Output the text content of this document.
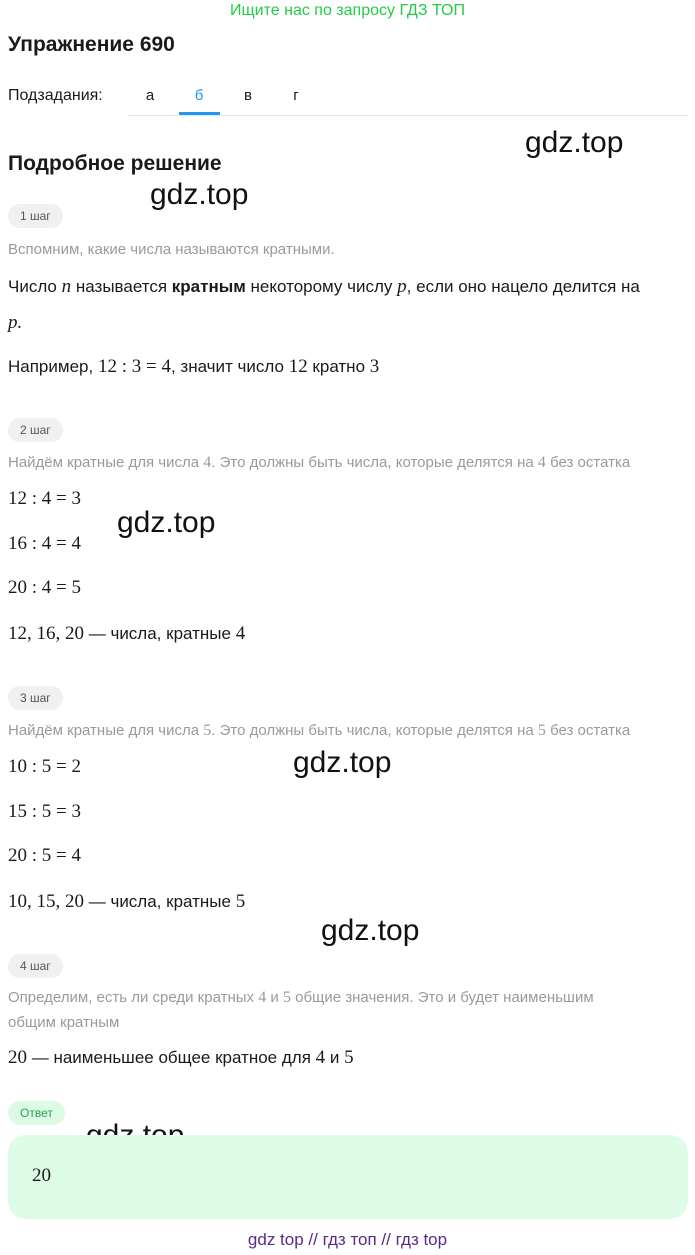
Ищите нас по запросу ГДЗ ТОП
Упражнение 690
Подзадания:	а	б	в	г
Подробное решение
gdz.top
gdz.top
gdz.top
gdz.top
gdz.top
1 шаг
Вспомним, какие числа называются кратными.
Число n называется кратным некоторому числу p, если оно нацело делится на
p.
Например, 12 : 3 = 4, значит число 12 кратно 3
2 шаг
Найдём кратные для числа 4. Это должны быть числа, которые делятся на 4 без остатка
12 : 4 = 3
16 : 4 = 4
20 : 4 = 5
12, 16, 20 — числа, кратные 4
3 шаг
Найдём кратные для числа 5. Это должны быть числа, которые делятся на 5 без остатка
10 : 5 = 2
15 : 5 = 3
20 : 5 = 4
10, 15, 20 — числа, кратные 5
4 шаг
Определим, есть ли среди кратных 4 и 5 общие значения. Это и будет наименьшим
общим кратным
20 — наименьшее общее кратное для 4 и 5
Ответ
20
gdz top // гдз топ // гдз top
